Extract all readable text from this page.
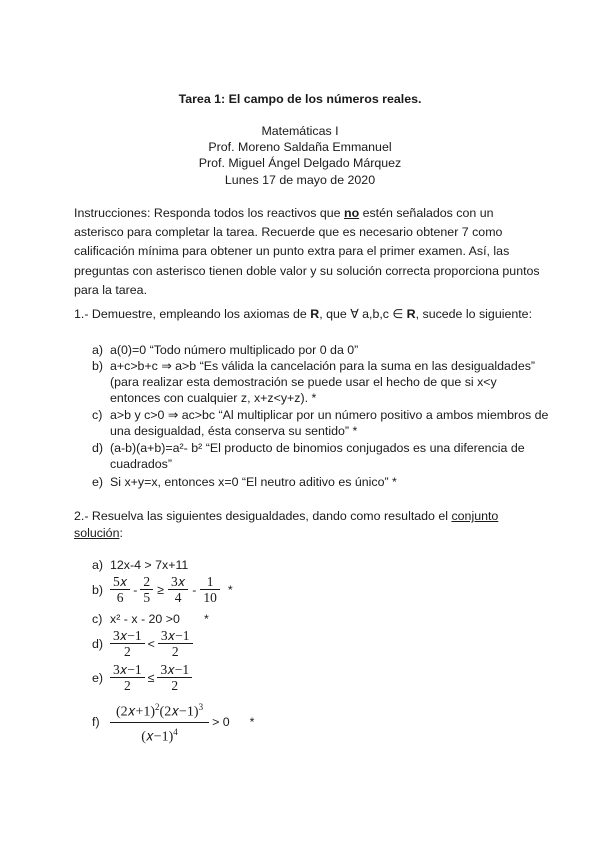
Tarea 1: El campo de los números reales.
Matemáticas I
Prof. Moreno Saldaña Emmanuel
Prof. Miguel Ángel Delgado Márquez
Lunes 17 de mayo de 2020
Instrucciones: Responda todos los reactivos que no estén señalados con un asterisco para completar la tarea. Recuerde que es necesario obtener 7 como calificación mínima para obtener un punto extra para el primer examen. Así, las preguntas con asterisco tienen doble valor y su solución correcta proporciona puntos para la tarea.
1.- Demuestre, empleando los axiomas de R, que ∀ a,b,c ∈ R, sucede lo siguiente:
a) a(0)=0 “Todo número multiplicado por 0 da 0”
b) a+c>b+c ⇒ a>b “Es válida la cancelación para la suma en las desigualdades” (para realizar esta demostración se puede usar el hecho de que si x<y entonces con cualquier z, x+z<y+z). *
c) a>b y c>0 ⇒ ac>bc “Al multiplicar por un número positivo a ambos miembros de una desigualdad, ésta conserva su sentido” *
d) (a-b)(a+b)=a²- b² “El producto de binomios conjugados es una diferencia de cuadrados”
e) Si x+y=x, entonces x=0 “El neutro aditivo es único” *
2.- Resuelva las siguientes desigualdades, dando como resultado el conjunto
solución:
a) 12x-4 > 7x+11
$b) \frac{\text{5𝑥}}{6} - \frac{2}{5} \ge \frac{\text{3𝑥}}{4} - \frac{1}{10}$ *
c) x² - x - 20 >0 *
$d) \frac{\text{3𝑥−1}}{2} < \frac{\text{3𝑥−1}}{2}$
$e) \frac{\text{3𝑥−1}}{2} \le \frac{\text{3𝑥−1}}{2}$
$f) \frac{(2𝑥+1)^2(2𝑥-1)^3}{(𝑥-1)^4} > 0$ *
